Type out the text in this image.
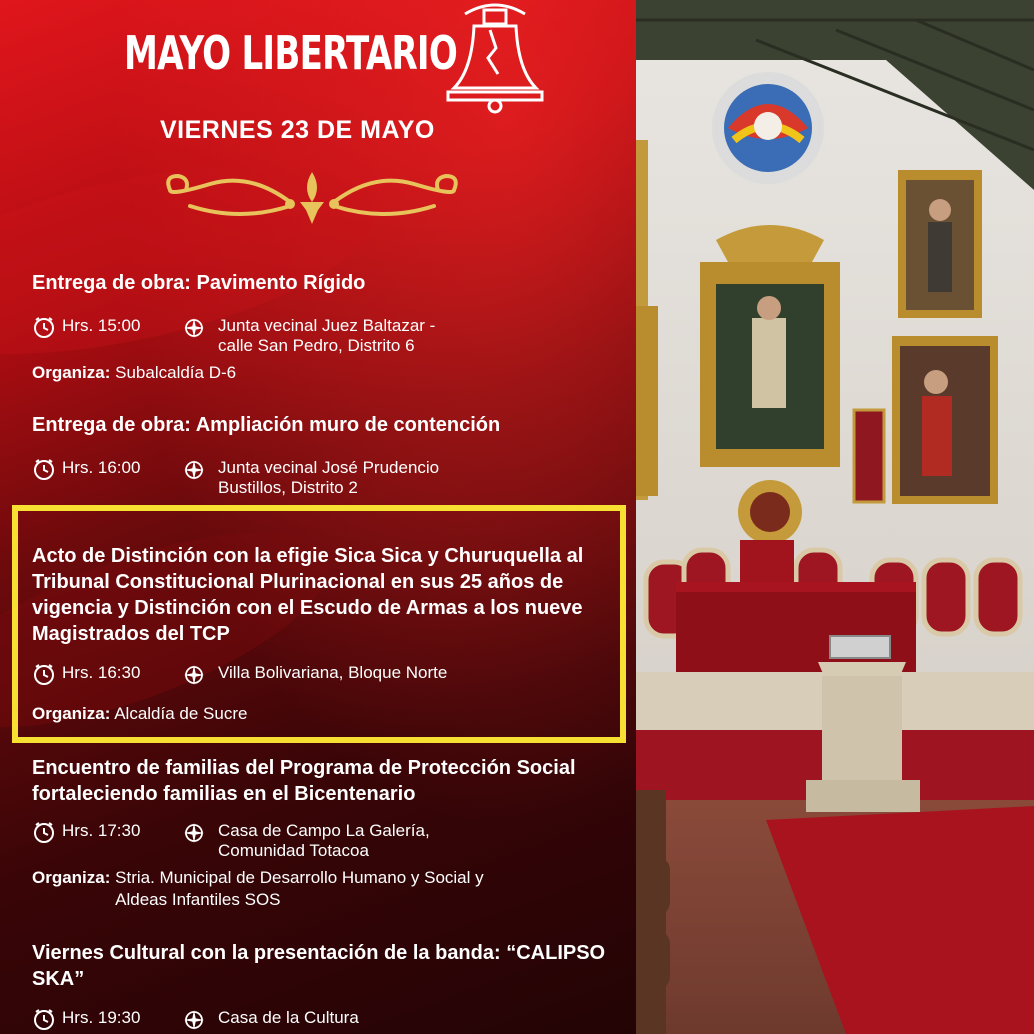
MAYO LIBERTARIO
VIERNES 23 DE MAYO
Entrega de obra: Pavimento Rígido
Hrs. 15:00	Junta vecinal Juez Baltazar -
calle San Pedro, Distrito 6
Organiza: Subalcaldía D-6
Entrega de obra: Ampliación muro de contención
Hrs. 16:00	Junta vecinal José Prudencio
Bustillos, Distrito 2
Acto de Distinción con la efigie Sica Sica y Churuquella al Tribunal Constitucional Plurinacional en sus 25 años de vigencia y Distinción con el Escudo de Armas a los nueve Magistrados del TCP
Hrs. 16:30	Villa Bolivariana, Bloque Norte
Organiza: Alcaldía de Sucre
Encuentro de familias del Programa de Protección Social fortaleciendo familias en el Bicentenario
Hrs. 17:30	Casa de Campo La Galería,
Comunidad Totacoa
Organiza: Stria. Municipal de Desarrollo Humano y Social y
Aldeas Infantiles SOS
Viernes Cultural con la presentación de la banda: “CALIPSO SKA”
Hrs. 19:30	Casa de la Cultura
